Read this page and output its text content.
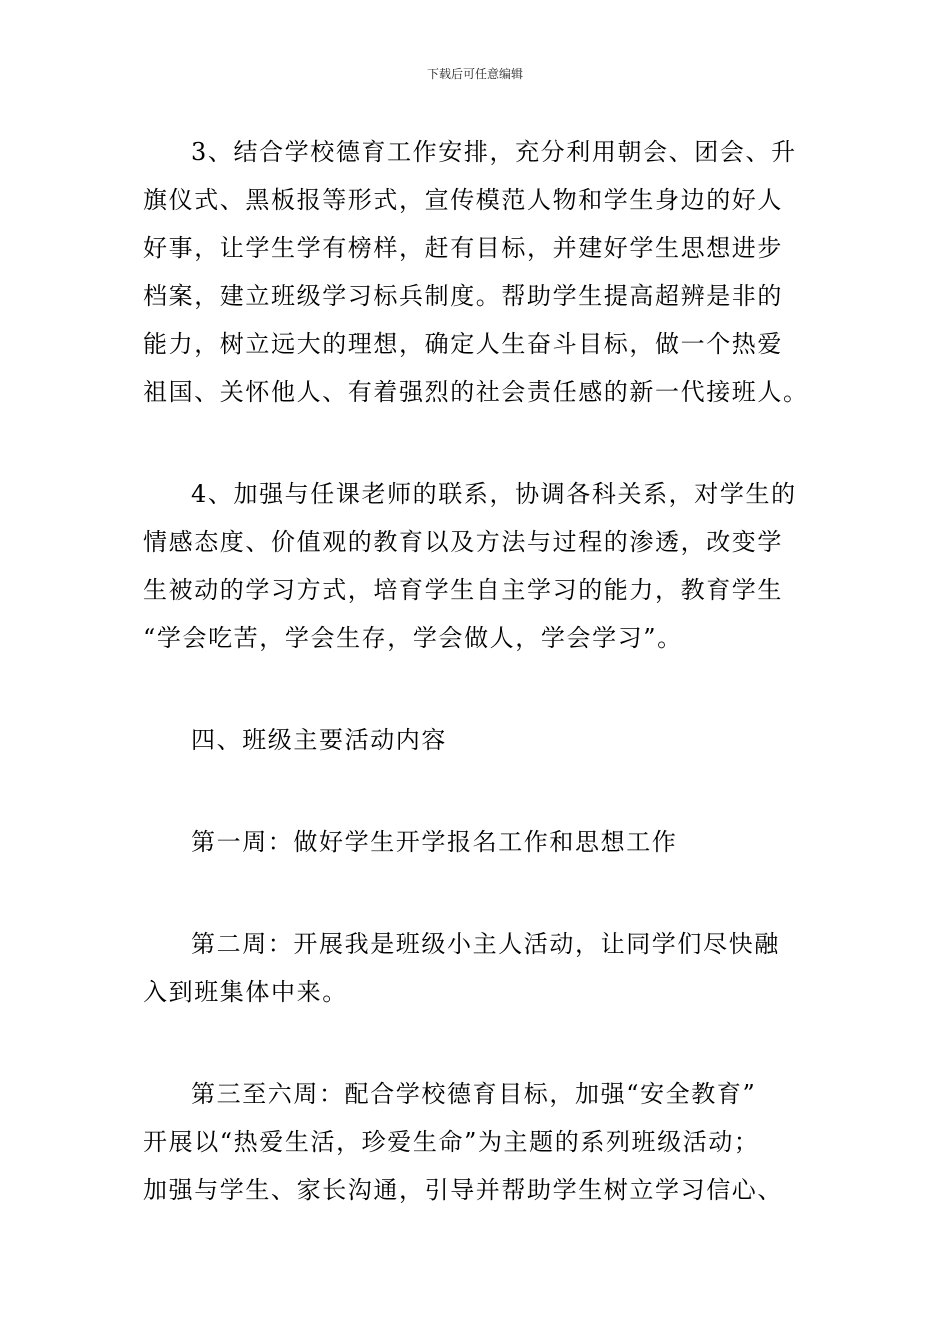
下载后可任意编辑

3、结合学校德育工作安排，充分利用朝会、团会、升
旗仪式、黑板报等形式，宣传模范人物和学生身边的好人
好事，让学生学有榜样，赶有目标，并建好学生思想进步
档案，建立班级学习标兵制度。帮助学生提高超辨是非的
能力，树立远大的理想，确定人生奋斗目标，做一个热爱
祖国、关怀他人、有着强烈的社会责任感的新一代接班人。

4、加强与任课老师的联系，协调各科关系，对学生的
情感态度、价值观的教育以及方法与过程的渗透，改变学
生被动的学习方式，培育学生自主学习的能力，教育学生
“学会吃苦，学会生存，学会做人，学会学习”。

四、班级主要活动内容

第一周：做好学生开学报名工作和思想工作

第二周：开展我是班级小主人活动，让同学们尽快融
入到班集体中来。

第三至六周：配合学校德育目标，加强“安全教育”
开展以“热爱生活，珍爱生命”为主题的系列班级活动；
加强与学生、家长沟通，引导并帮助学生树立学习信心、
